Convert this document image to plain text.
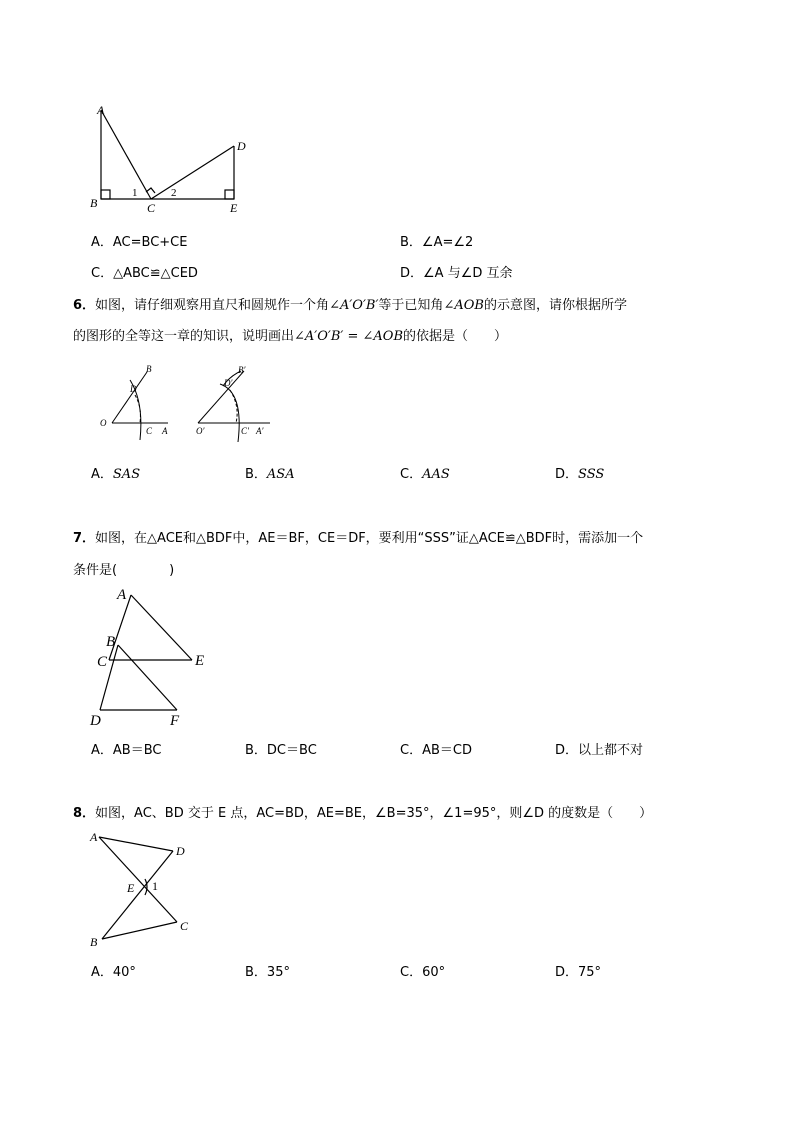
A
B	C
D
E
1	2
A．AC=BC+CE	B．∠A=∠2
C．△ABC≌△CED	D．∠A 与∠D 互余
6．如图，请仔细观察用直尺和圆规作一个角∠A′O′B′等于已知角∠AOB的示意图，请你根据所学
的图形的全等这一章的知识，说明画出∠A′O′B′ = ∠AOB的依据是（　　）
O
B
D
C A	O′
B′
D′
C′ A′
A．SAS	B．ASA	C．AAS	D．SSS
7．如图，在△ACE和△BDF中，AE＝BF，CE＝DF，要利用“SSS”证△ACE≌△BDF时，需添加一个
条件是(　　　　)
A
B
C	E
D	F
A．AB＝BC	B．DC＝BC	C．AB＝CD	D．以上都不对
8．如图，AC、BD 交于 E 点，AC=BD，AE=BE，∠B=35°，∠1=95°，则∠D 的度数是（　　）
A
D
E 1
B
C
A．40°	B．35°	C．60°	D．75°
